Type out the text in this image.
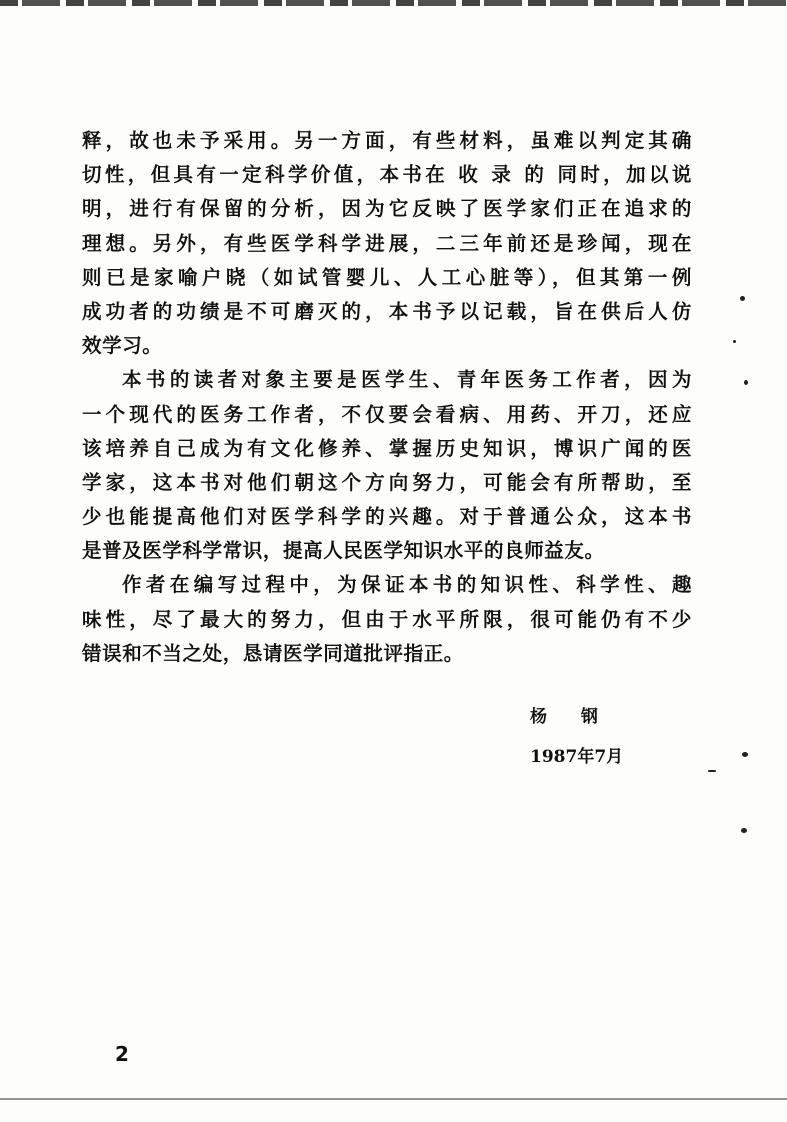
释，故也未予采用。另一方面，有些材料，虽难以判定其确
切性，但具有一定科学价值，本书在 收 录 的 同时，加以说
明，进行有保留的分析，因为它反映了医学家们正在追求的
理想。另外，有些医学科学进展，二三年前还是珍闻，现在
则已是家喻户晓（如试管婴儿、人工心脏等），但其第一例
成功者的功绩是不可磨灭的，本书予以记载，旨在供后人仿
效学习。
本书的读者对象主要是医学生、青年医务工作者，因为
一个现代的医务工作者，不仅要会看病、用药、开刀，还应
该培养自己成为有文化修养、掌握历史知识，博识广闻的医
学家，这本书对他们朝这个方向努力，可能会有所帮助，至
少也能提高他们对医学科学的兴趣。对于普通公众，这本书
是普及医学科学常识，提高人民医学知识水平的良师益友。
作者在编写过程中，为保证本书的知识性、科学性、趣
味性，尽了最大的努力，但由于水平所限，很可能仍有不少
错误和不当之处，恳请医学同道批评指正。
杨 钢
1987年7月
2
